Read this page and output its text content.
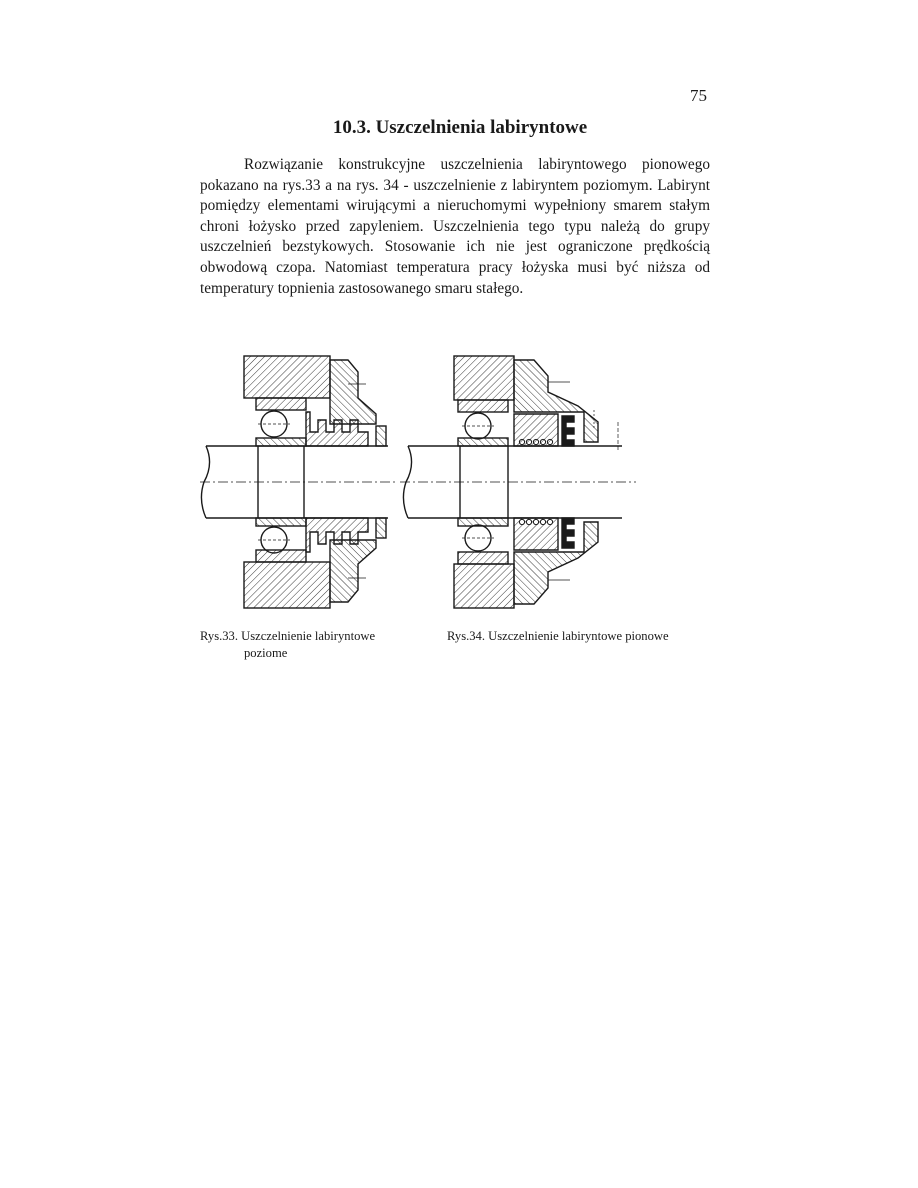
75
10.3. Uszczelnienia labiryntowe

Rozwiązanie konstrukcyjne uszczelnienia labiryntowego pionowego pokazano na rys.33 a na rys. 34 - uszczelnienie z labiryntem poziomym. Labirynt pomiędzy elementami wirującymi a nieruchomymi wypełniony smarem stałym chroni łożysko przed zapyleniem. Uszczelnienia tego typu należą do grupy uszczelnień bezstykowych. Stosowanie ich nie jest ograniczone prędkością obwodową czopa. Natomiast temperatura pracy łożyska musi być niższa od temperatury topnienia zastosowanego smaru stałego.

Rys.33. Uszczelnienie labiryntowe
poziome

Rys.34. Uszczelnienie labiryntowe pionowe
